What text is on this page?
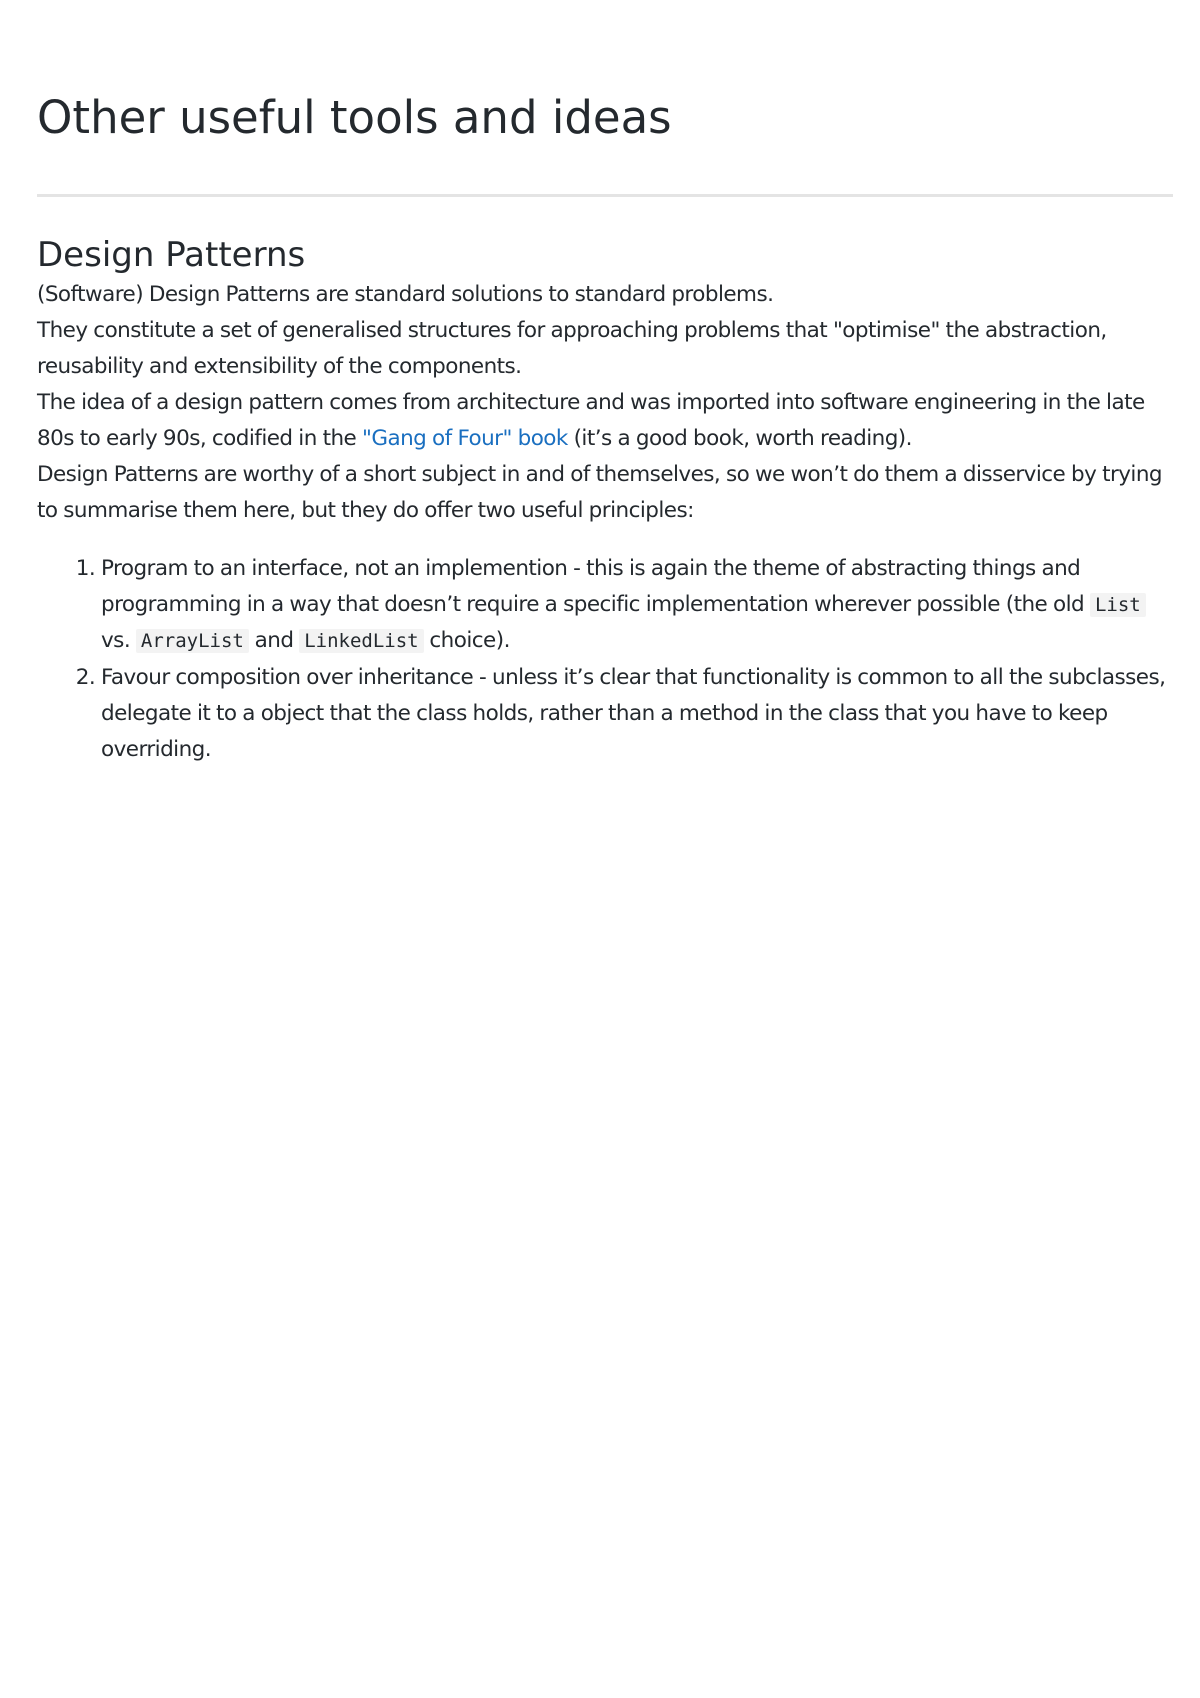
Other useful tools and ideas
Design Patterns

(Software) Design Patterns are standard solutions to standard problems.

They constitute a set of generalised structures for approaching problems that "optimise" the abstraction, reusability and extensibility of the components.

The idea of a design pattern comes from architecture and was imported into software engineering in the late 80s to early 90s, codified in the "Gang of Four" book (it’s a good book, worth reading).

Design Patterns are worthy of a short subject in and of themselves, so we won’t do them a disservice by trying to summarise them here, but they do offer two useful principles:

1. Program to an interface, not an implemention - this is again the theme of abstracting things and programming in a way that doesn’t require a specific implementation wherever possible (the old List vs. ArrayList and LinkedList choice).
2. Favour composition over inheritance - unless it’s clear that functionality is common to all the subclasses, delegate it to a object that the class holds, rather than a method in the class that you have to keep overriding.
